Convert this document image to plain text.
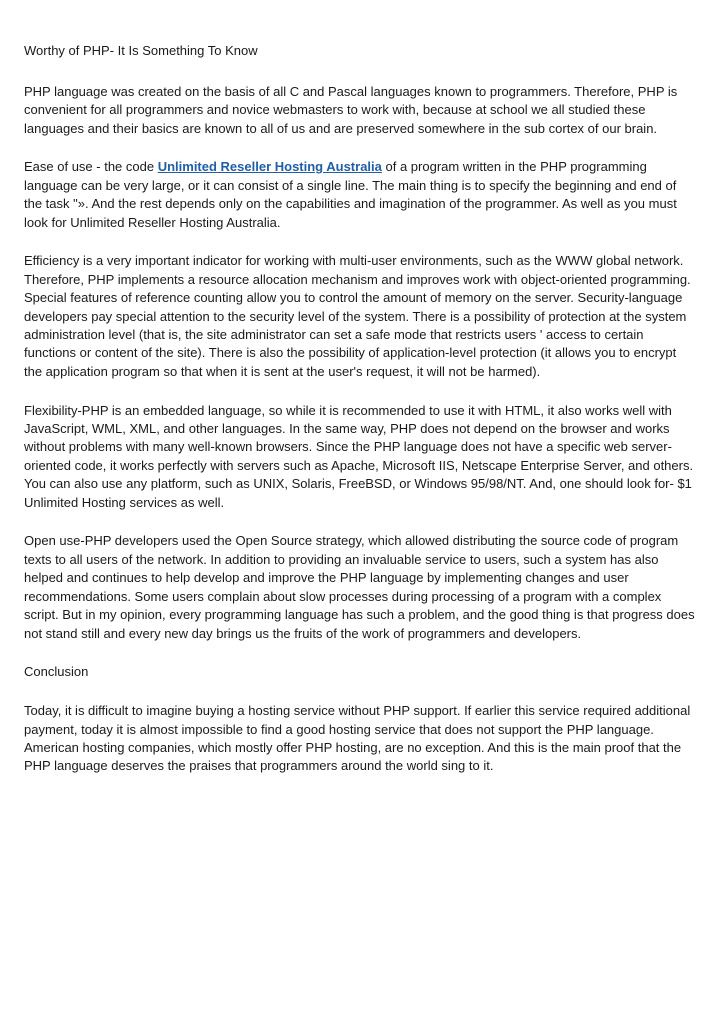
Worthy of PHP- It Is Something To Know

PHP language was created on the basis of all C and Pascal languages known to programmers. Therefore, PHP is convenient for all programmers and novice webmasters to work with, because at school we all studied these languages and their basics are known to all of us and are preserved somewhere in the sub cortex of our brain.

Ease of use - the code Unlimited Reseller Hosting Australia of a program written in the PHP programming language can be very large, or it can consist of a single line. The main thing is to specify the beginning and end of the task "». And the rest depends only on the capabilities and imagination of the programmer. As well as you must look for Unlimited Reseller Hosting Australia.

Efficiency is a very important indicator for working with multi-user environments, such as the WWW global network. Therefore, PHP implements a resource allocation mechanism and improves work with object-oriented programming. Special features of reference counting allow you to control the amount of memory on the server. Security-language developers pay special attention to the security level of the system. There is a possibility of protection at the system administration level (that is, the site administrator can set a safe mode that restricts users ' access to certain functions or content of the site). There is also the possibility of application-level protection (it allows you to encrypt the application program so that when it is sent at the user's request, it will not be harmed).

Flexibility-PHP is an embedded language, so while it is recommended to use it with HTML, it also works well with JavaScript, WML, XML, and other languages. In the same way, PHP does not depend on the browser and works without problems with many well-known browsers. Since the PHP language does not have a specific web server-oriented code, it works perfectly with servers such as Apache, Microsoft IIS, Netscape Enterprise Server, and others. You can also use any platform, such as UNIX, Solaris, FreeBSD, or Windows 95/98/NT. And, one should look for- $1 Unlimited Hosting services as well.

Open use-PHP developers used the Open Source strategy, which allowed distributing the source code of program texts to all users of the network. In addition to providing an invaluable service to users, such a system has also helped and continues to help develop and improve the PHP language by implementing changes and user recommendations. Some users complain about slow processes during processing of a program with a complex script. But in my opinion, every programming language has such a problem, and the good thing is that progress does not stand still and every new day brings us the fruits of the work of programmers and developers.

Conclusion

Today, it is difficult to imagine buying a hosting service without PHP support. If earlier this service required additional payment, today it is almost impossible to find a good hosting service that does not support the PHP language. American hosting companies, which mostly offer PHP hosting, are no exception. And this is the main proof that the PHP language deserves the praises that programmers around the world sing to it.
